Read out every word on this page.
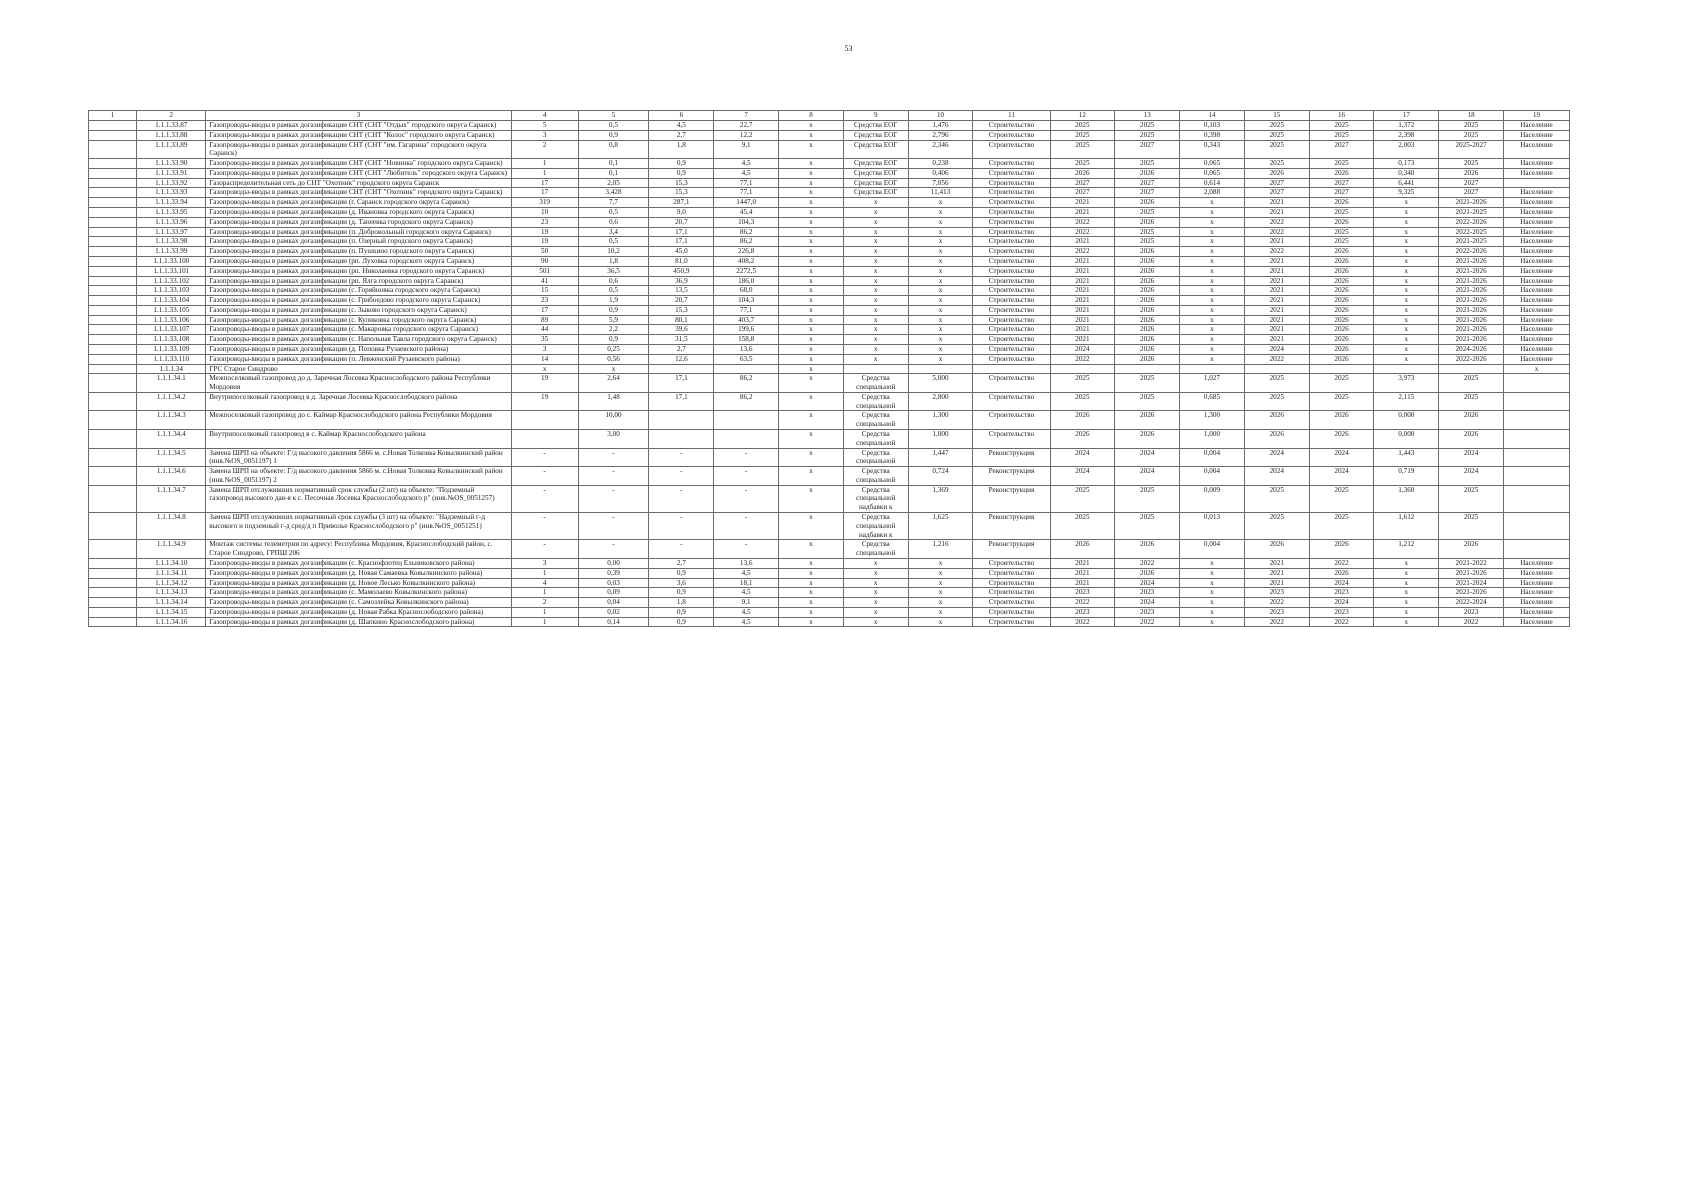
53
1	2	3	4	5	6	7	8	9	10	11	12	13	14	15	16	17	18	19
	1.1.1.33.87	Газопроводы-вводы в рамках догазификации СНТ (СНТ "Отдых" городского округа Саранск)	5	0,5	4,5	22,7	х	Средства ЕОГ	1,476	Строительство	2025	2025	0,103	2025	2025	1,372	2025	Население
	1.1.1.33.88	Газопроводы-вводы в рамках догазификации СНТ (СНТ "Колос" городского округа Саранск)	3	0,9	2,7	12,2	х	Средства ЕОГ	2,796	Строительство	2025	2025	0,398	2025	2025	2,398	2025	Население
	1.1.1.33.89	Газопроводы-вводы в рамках догазификации СНТ (СНТ "им. Гагарина" городского округа Саранск)	2	0,8	1,8	9,1	х	Средства ЕОГ	2,346	Строительство	2025	2027	0,343	2025	2027	2,003	2025-2027	Население
	1.1.1.33.90	Газопроводы-вводы в рамках догазификации СНТ (СНТ "Новинка" городского округа Саранск)	1	0,1	0,9	4,5	х	Средства ЕОГ	0,238	Строительство	2025	2025	0,065	2025	2025	0,173	2025	Население
	1.1.1.33.91	Газопроводы-вводы в рамках догазификации СНТ (СНТ "Любитель" городского округа Саранск)	1	0,1	0,9	4,5	х	Средства ЕОГ	0,406	Строительство	2026	2026	0,065	2026	2026	0,340	2026	Население
	1.1.1.33.92	Газораспределительная сеть до СНТ "Охотник" городского округа Саранск	17	2,05	15,3	77,1	х	Средства ЕОГ	7,056	Строительство	2027	2027	0,614	2027	2027	6,441	2027	
	1.1.1.33.93	Газопроводы-вводы в рамках догазификации СНТ (СНТ "Охотник" городского округа Саранск)	17	3,428	15,3	77,1	х	Средства ЕОГ	11,413	Строительство	2027	2027	2,088	2027	2027	9,325	2027	Население
	1.1.1.33.94	Газопроводы-вводы в рамках догазификации (г. Саранск городского округа Саранск)	319	7,7	287,1	1447,0	х	х	х	Строительство	2021	2026	х	2021	2026	х	2021-2026	Население
	1.1.1.33.95	Газопроводы-вводы в рамках догазификации (д. Ивановка городского округа Саранск)	10	0,5	9,0	45,4	х	х	х	Строительство	2021	2025	х	2021	2025	х	2021-2025	Население
	1.1.1.33.96	Газопроводы-вводы в рамках догазификации (д. Танеевка городского округа Саранск)	23	0,6	20,7	104,3	х	х	х	Строительство	2022	2026	х	2022	2026	х	2022-2026	Население
	1.1.1.33.97	Газопроводы-вводы в рамках догазификации (п. Добровольный городского округа Саранск)	19	3,4	17,1	86,2	х	х	х	Строительство	2022	2025	х	2022	2025	х	2022-2025	Население
	1.1.1.33.98	Газопроводы-вводы в рамках догазификации (п. Озерный городского округа Саранск)	19	0,5	17,1	86,2	х	х	х	Строительство	2021	2025	х	2021	2025	х	2021-2025	Население
	1.1.1.33.99	Газопроводы-вводы в рамках догазификации (п. Пушкино городского округа Саранск)	50	10,2	45,0	226,8	х	х	х	Строительство	2022	2026	х	2022	2026	х	2022-2026	Население
	1.1.1.33.100	Газопроводы-вводы в рамках догазификации (рп. Луховка городского округа Саранск)	90	1,8	81,0	408,2	х	х	х	Строительство	2021	2026	х	2021	2026	х	2021-2026	Население
	1.1.1.33.101	Газопроводы-вводы в рамках догазификации (рп. Николаевка городского округа Саранск)	501	36,5	450,9	2272,5	х	х	х	Строительство	2021	2026	х	2021	2026	х	2021-2026	Население
	1.1.1.33.102	Газопроводы-вводы в рамках догазификации (рп. Ялга городского округа Саранск)	41	0,6	36,9	186,0	х	х	х	Строительство	2021	2026	х	2021	2026	х	2021-2026	Население
	1.1.1.33.103	Газопроводы-вводы в рамках догазификации (с. Горяйновка городского округа Саранск)	15	0,5	13,5	68,0	х	х	х	Строительство	2021	2026	х	2021	2026	х	2021-2026	Население
	1.1.1.33.104	Газопроводы-вводы в рамках догазификации (с. Грибоедово городского округа Саранск)	23	1,9	20,7	104,3	х	х	х	Строительство	2021	2026	х	2021	2026	х	2021-2026	Население
	1.1.1.33.105	Газопроводы-вводы в рамках догазификации (с. Зыково городского округа Саранск)	17	0,9	15,3	77,1	х	х	х	Строительство	2021	2026	х	2021	2026	х	2021-2026	Население
	1.1.1.33.106	Газопроводы-вводы в рамках догазификации (с. Куликовка городского округа Саранск)	89	5,9	80,1	403,7	х	х	х	Строительство	2021	2026	х	2021	2026	х	2021-2026	Население
	1.1.1.33.107	Газопроводы-вводы в рамках догазификации (с. Макаровка городского округа Саранск)	44	2,2	39,6	199,6	х	х	х	Строительство	2021	2026	х	2021	2026	х	2021-2026	Население
	1.1.1.33.108	Газопроводы-вводы в рамках догазификации (с. Напольная Тавла городского округа Саранск)	35	0,9	31,5	158,8	х	х	х	Строительство	2021	2026	х	2021	2026	х	2021-2026	Население
	1.1.1.33.109	Газопроводы-вводы в рамках догазификации (д. Поповка Рузаевского района)	3	0,25	2,7	13,6	х	х	х	Строительство	2024	2026	х	2024	2026	х	2024-2026	Население
	1.1.1.33.110	Газопроводы-вводы в рамках догазификации (п. Левженский Рузаевского района)	14	0,56	12,6	63,5	х	х	х	Строительство	2022	2026	х	2022	2026	х	2022-2026	Население
	1.1.1.34	ГРС Старое Синдрово	х	х			х											х
	1.1.1.34.1	Межпоселковый газопровод до д. Заречная Лосевка Краснослободского района Республики Мордовия	19	2,64	17,1	86,2	х	Средства специальной	5,000	Строительство	2025	2025	1,027	2025	2025	3,973	2025	
	1.1.1.34.2	Внутрипоселковый газопровод в д. Заречная Лосевка Краснослободского района	19	1,48	17,1	86,2	х	Средства специальной	2,800	Строительство	2025	2025	0,685	2025	2025	2,115	2025	
	1.1.1.34.3	Межпоселковый газопровод до с. Каймар Краснослободского района Республики Мордовия		10,00			х	Средства специальной	1,300	Строительство	2026	2026	1,300	2026	2026	0,000	2026	
	1.1.1.34.4	Внутрипоселковый газопровод в с. Каймар Краснослободского района		3,00			х	Средства специальной	1,000	Строительство	2026	2026	1,000	2026	2026	0,000	2026	
	1.1.1.34.5	Замена ШРП на объекте: Г/д высокого давления 5866 м. с.Новая Толковка Ковылкинский район (инв.№OS_0051197) 1	-	-	-	-	х	Средства специальной	1,447	Реконструкция	2024	2024	0,004	2024	2024	1,443	2024	
	1.1.1.34.6	Замена ШРП на объекте: Г/д высокого давления 5866 м. с.Новая Толковка Ковылкинский район (инв.№OS_0051197) 2	-	-	-	-	х	Средства специальной	0,724	Реконструкция	2024	2024	0,004	2024	2024	0,719	2024	
	1.1.1.34.7	Замена ШРП отслуживших нормативный срок службы (2 шт) на объекте: "Подземный газопровод высокого дав-я к с. Песочная Лосевка Краснослободского р" (инв.№OS_0051257)	-	-	-	-	х	Средства специальной надбавки к	1,369	Реконструкция	2025	2025	0,009	2025	2025	1,360	2025	
	1.1.1.34.8	Замена ШРП отслуживших нормативный срок службы (3 шт) на объекте: "Надземный г-д высокого и подземный г-д сред/д п Приволье Краснослободского р" (инв.№OS_0051251)	-	-	-	-	х	Средства специальной надбавки к	1,625	Реконструкция	2025	2025	0,013	2025	2025	1,612	2025	
	1.1.1.34.9	Монтаж системы телеметрии по адресу: Республика Мордовия, Краснослободский район, с. Старое Синдрово, ГРПШ 206	-	-	-	-	х	Средства специальной	1,216	Реконструкция	2026	2026	0,004	2026	2026	1,212	2026	
	1.1.1.34.10	Газопроводы-вводы в рамках догазификации (с. Краснофлотец Ельниковского района)	3	0,00	2,7	13,6	х	х	х	Строительство	2021	2022	х	2021	2022	х	2021-2022	Население
	1.1.1.34.11	Газопроводы-вводы в рамках догазификации (д. Новая Самаевка Ковылкинского района)	1	0,39	0,9	4,5	х	х	х	Строительство	2021	2026	х	2021	2026	х	2021-2026	Население
	1.1.1.34.12	Газопроводы-вводы в рамках догазификации (д. Новое Лесько Ковылкинского района)	4	0,03	3,6	18,1	х	х	х	Строительство	2021	2024	х	2021	2024	х	2021-2024	Население
	1.1.1.34.13	Газопроводы-вводы в рамках догазификации (с. Мамолаево Ковылкинского района)	1	0,09	0,9	4,5	х	х	х	Строительство	2023	2023	х	2023	2023	х	2021-2026	Население
	1.1.1.34.14	Газопроводы-вводы в рамках догазификации (с. Самозлейка Ковылкинского района)	2	0,04	1,8	9,1	х	х	х	Строительство	2022	2024	х	2022	2024	х	2022-2024	Население
	1.1.1.34.15	Газопроводы-вводы в рамках догазификации (д. Новая Рабка Краснослободского района)	1	0,02	0,9	4,5	х	х	х	Строительство	2023	2023	х	2023	2023	х	2023	Население
	1.1.1.34.16	Газопроводы-вводы в рамках догазификации (д. Шапкино Краснослободского района)	1	0,14	0,9	4,5	х	х	х	Строительство	2022	2022	х	2022	2022	х	2022	Население
